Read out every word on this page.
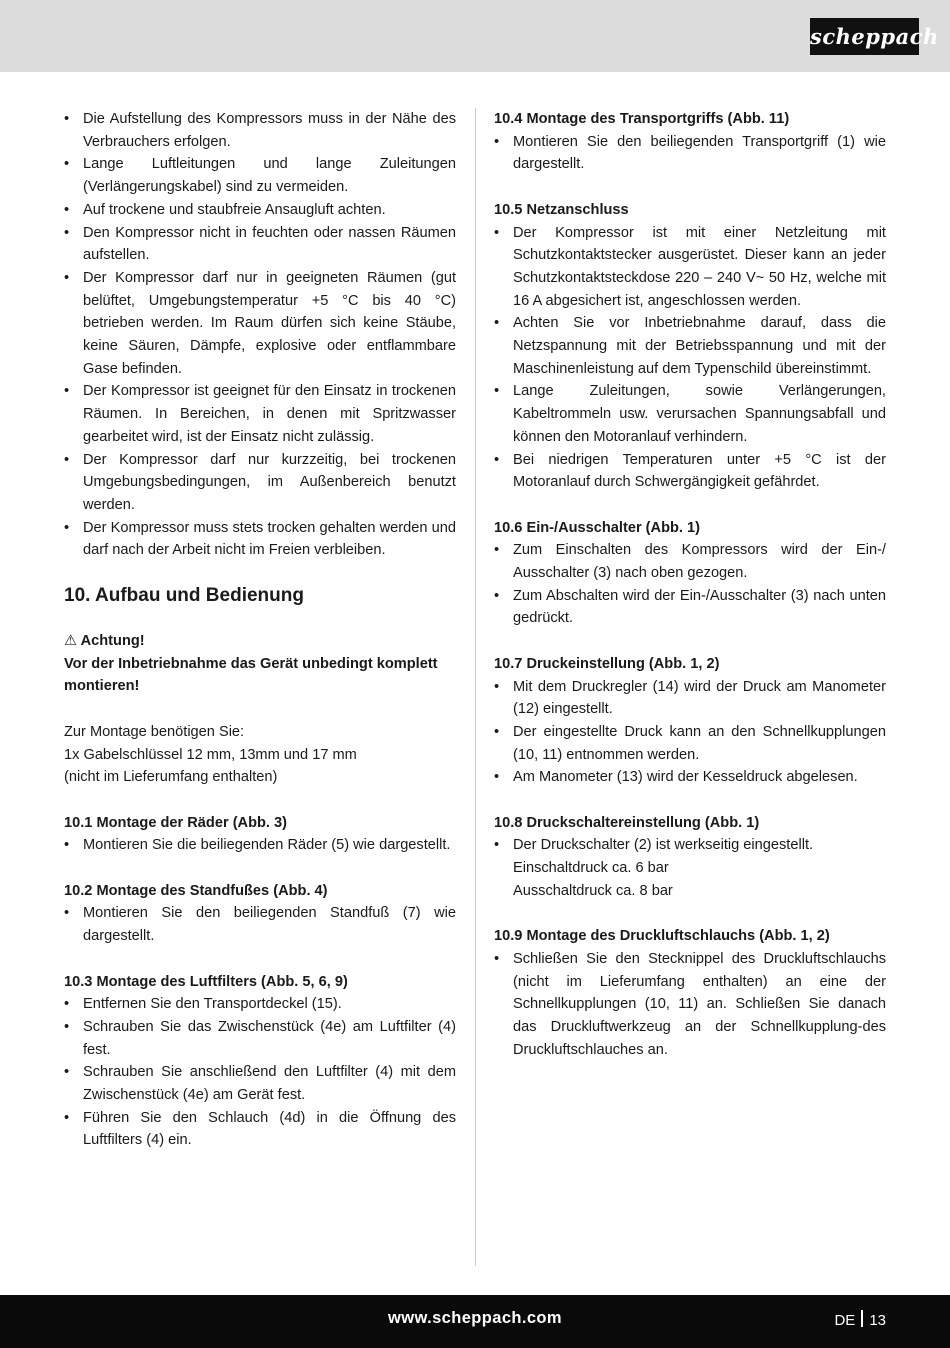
scheppach
• Die Aufstellung des Kompressors muss in der Nähe des Verbrauchers erfolgen.
• Lange Luftleitungen und lange Zuleitungen (Verlängerungskabel) sind zu vermeiden.
• Auf trockene und staubfreie Ansaugluft achten.
• Den Kompressor nicht in feuchten oder nassen Räumen aufstellen.
• Der Kompressor darf nur in geeigneten Räumen (gut belüftet, Umgebungstemperatur +5 °C bis 40 °C) betrieben werden. Im Raum dürfen sich keine Stäube, keine Säuren, Dämpfe, explosive oder entflammbare Gase befinden.
• Der Kompressor ist geeignet für den Einsatz in trockenen Räumen. In Bereichen, in denen mit Spritzwasser gearbeitet wird, ist der Einsatz nicht zulässig.
• Der Kompressor darf nur kurzzeitig, bei trockenen Umgebungsbedingungen, im Außenbereich benutzt werden.
• Der Kompressor muss stets trocken gehalten werden und darf nach der Arbeit nicht im Freien verbleiben.
10. Aufbau und Bedienung
⚠ Achtung!
Vor der Inbetriebnahme das Gerät unbedingt komplett montieren!
Zur Montage benötigen Sie:
1x Gabelschlüssel 12 mm, 13mm und 17 mm
(nicht im Lieferumfang enthalten)
10.1 Montage der Räder (Abb. 3)
• Montieren Sie die beiliegenden Räder (5) wie dargestellt.
10.2 Montage des Standfußes (Abb. 4)
• Montieren Sie den beiliegenden Standfuß (7) wie dargestellt.
10.3 Montage des Luftfilters (Abb. 5, 6, 9)
• Entfernen Sie den Transportdeckel (15).
• Schrauben Sie das Zwischenstück (4e) am Luftfilter (4) fest.
• Schrauben Sie anschließend den Luftfilter (4) mit dem Zwischenstück (4e) am Gerät fest.
• Führen Sie den Schlauch (4d) in die Öffnung des Luftfilters (4) ein.
10.4 Montage des Transportgriffs (Abb. 11)
• Montieren Sie den beiliegenden Transportgriff (1) wie dargestellt.
10.5 Netzanschluss
• Der Kompressor ist mit einer Netzleitung mit Schutzkontaktstecker ausgerüstet. Dieser kann an jeder Schutzkontaktsteckdose 220 – 240 V~ 50 Hz, welche mit 16 A abgesichert ist, angeschlossen werden.
• Achten Sie vor Inbetriebnahme darauf, dass die Netzspannung mit der Betriebsspannung und mit der Maschinenleistung auf dem Typenschild übereinstimmt.
• Lange Zuleitungen, sowie Verlängerungen, Kabeltrommeln usw. verursachen Spannungsabfall und können den Motoranlauf verhindern.
• Bei niedrigen Temperaturen unter +5 °C ist der Motoranlauf durch Schwergängigkeit gefährdet.
10.6 Ein-/Ausschalter (Abb. 1)
• Zum Einschalten des Kompressors wird der Ein-/ Ausschalter (3) nach oben gezogen.
• Zum Abschalten wird der Ein-/Ausschalter (3) nach unten gedrückt.
10.7 Druckeinstellung (Abb. 1, 2)
• Mit dem Druckregler (14) wird der Druck am Manometer (12) eingestellt.
• Der eingestellte Druck kann an den Schnellkupplungen (10, 11) entnommen werden.
• Am Manometer (13) wird der Kesseldruck abgelesen.
10.8 Druckschaltereinstellung (Abb. 1)
• Der Druckschalter (2) ist werkseitig eingestellt.
Einschaltdruck ca. 6 bar
Ausschaltdruck ca. 8 bar
10.9 Montage des Druckluftschlauchs (Abb. 1, 2)
• Schließen Sie den Stecknippel des Druckluftschlauchs (nicht im Lieferumfang enthalten) an eine der Schnellkupplungen (10, 11) an. Schließen Sie danach das Druckluftwerkzeug an der Schnellkupplung-des Druckluftschlauches an.
www.scheppach.com	DE 13
